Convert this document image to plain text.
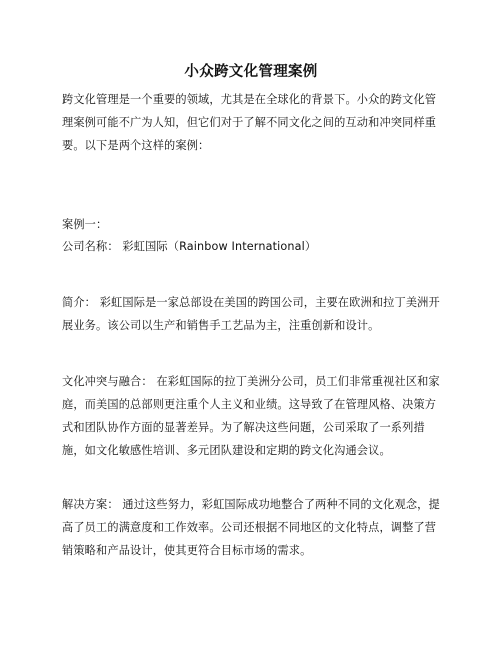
小众跨文化管理案例

跨文化管理是一个重要的领域，尤其是在全球化的背景下。小众的跨文化管理案例可能不广为人知，但它们对于了解不同文化之间的互动和冲突同样重要。以下是两个这样的案例：

案例一：

公司名称： 彩虹国际（Rainbow International）

简介： 彩虹国际是一家总部设在美国的跨国公司，主要在欧洲和拉丁美洲开展业务。该公司以生产和销售手工艺品为主，注重创新和设计。

文化冲突与融合： 在彩虹国际的拉丁美洲分公司，员工们非常重视社区和家庭，而美国的总部则更注重个人主义和业绩。这导致了在管理风格、决策方式和团队协作方面的显著差异。为了解决这些问题，公司采取了一系列措施，如文化敏感性培训、多元团队建设和定期的跨文化沟通会议。

解决方案： 通过这些努力，彩虹国际成功地整合了两种不同的文化观念，提高了员工的满意度和工作效率。公司还根据不同地区的文化特点，调整了营销策略和产品设计，使其更符合目标市场的需求。
